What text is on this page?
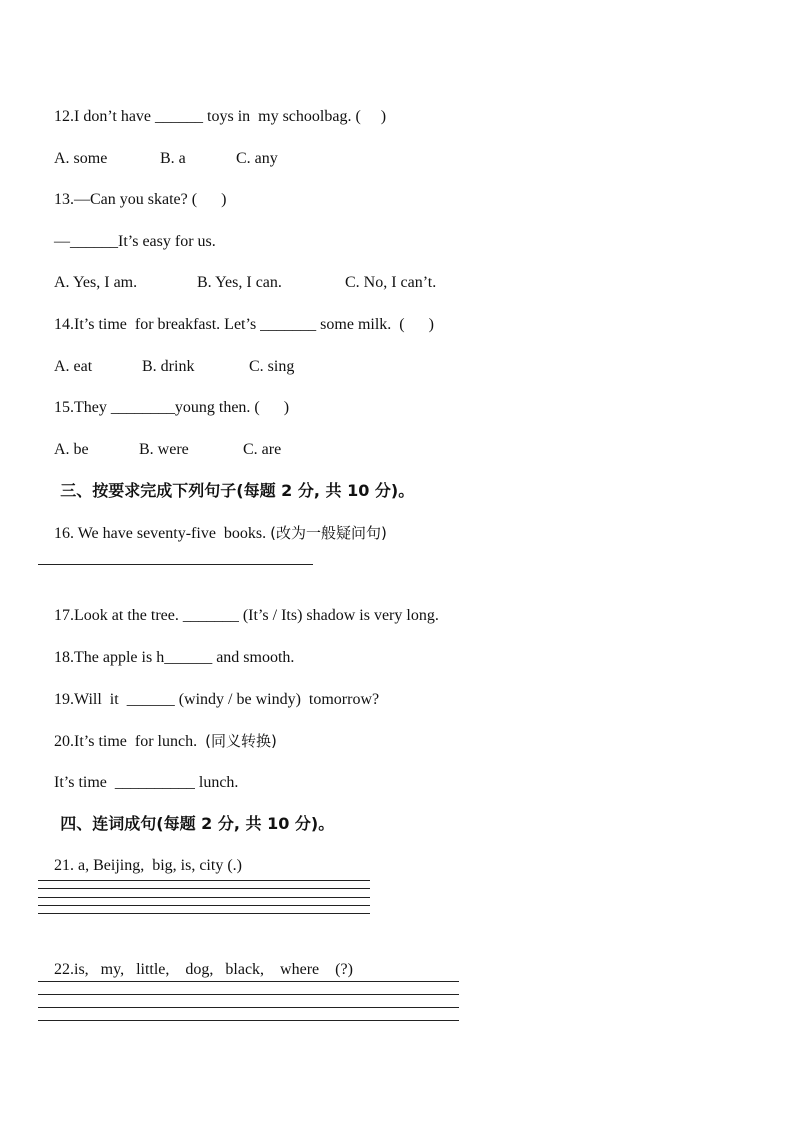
12.I don’t have ______ toys in  my schoolbag. (     )

A. some	B. a	C. any

13.—Can you skate? (      )

—______It’s easy for us.

A. Yes, I am.	B. Yes, I can.	C. No, I can’t.

14.It’s time  for breakfast. Let’s _______ some milk.  (      )

A. eat	B. drink	C. sing

15.They ________young then. (      )

A. be	B. were	C. are

三、按要求完成下列句子(每题 2 分, 共 10 分)。

16. We have seventy-five  books. (改为一般疑问句)

17.Look at the tree. _______ (It’s / Its) shadow is very long.

18.The apple is h______ and smooth.

19.Will  it  ______ (windy / be windy)  tomorrow?

20.It’s time  for lunch.  (同义转换)

It’s time  __________ lunch.

四、连词成句(每题 2 分, 共 10 分)。

21. a, Beijing,  big, is, city (.)

22.is,   my,   little,    dog,   black,    where    (?)
